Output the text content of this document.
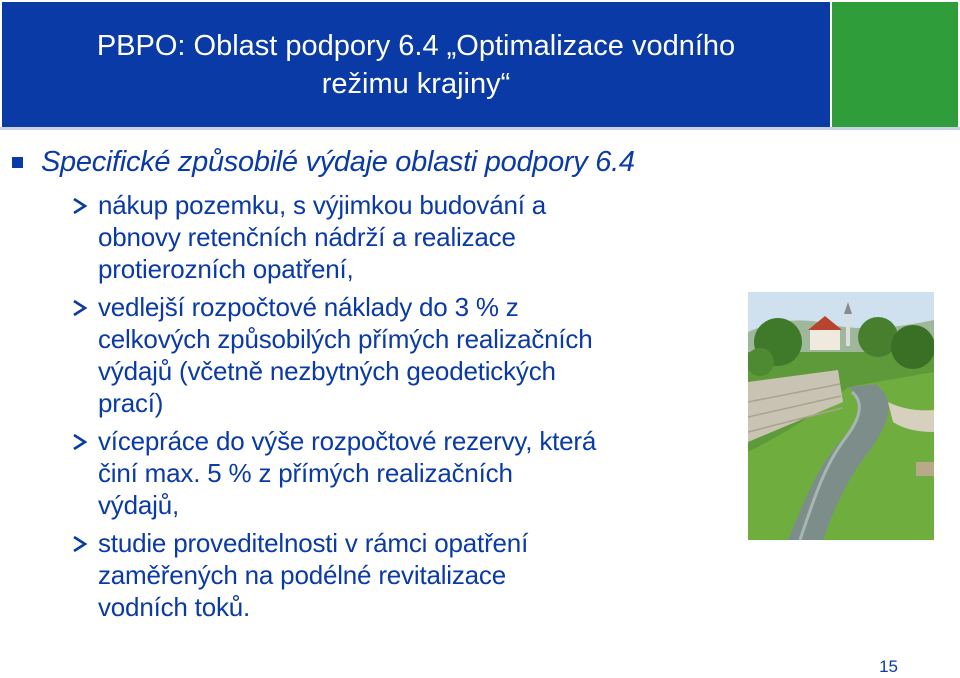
PBPO: Oblast podpory 6.4 „Optimalizace vodního
režimu krajiny“
Specifické způsobilé výdaje oblasti podpory 6.4
nákup pozemku, s výjimkou budování a
obnovy retenčních nádrží a realizace
protierozních opatření,
vedlejší rozpočtové náklady do 3 % z
celkových způsobilých přímých realizačních
výdajů (včetně nezbytných geodetických
prací)
vícepráce do výše rozpočtové rezervy, která
činí max. 5 % z přímých realizačních
výdajů,
studie proveditelnosti v rámci opatření
zaměřených na podélné revitalizace
vodních toků.
15
